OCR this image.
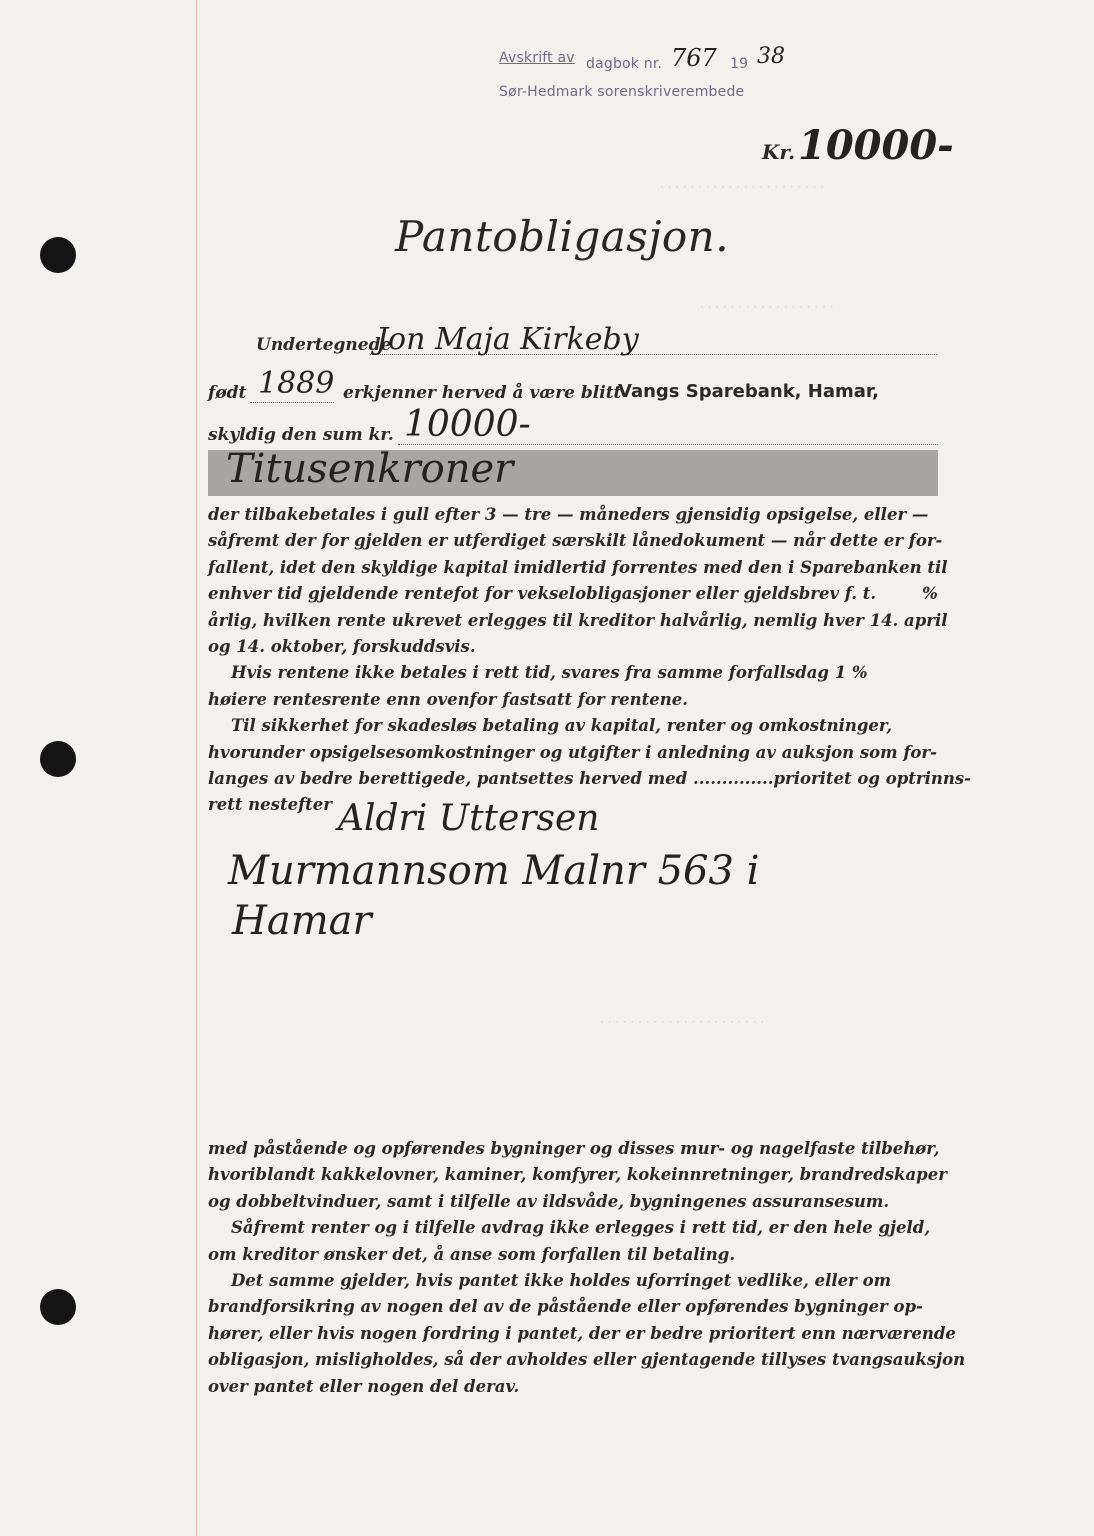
· · · · · · · · · · · · · · · · · · · · · ·
· · · · · · · · · · · · · · · · · ·
· · · · · · · · · · · · · · · · · · · · · ·
Avskrift av dagbok nr. 767 19 38
Sør-Hedmark sorenskriverembede
Kr. 10000-
Pantobligasjon.
Undertegnede
Jon Maja Kirkeby
født 1889 erkjenner herved å være blitt
Vangs Sparebank, Hamar,
skyldig den sum kr. 10000-
Titusenkroner
der tilbakebetales i gull efter 3 — tre — måneders gjensidig opsigelse, eller —
såfremt der for gjelden er utferdiget særskilt lånedokument — når dette er for-
fallent, idet den skyldige kapital imidlertid forrentes med den i Sparebanken til
enhver tid gjeldende rentefot for vekselobligasjoner eller gjeldsbrev f. t.        %
årlig, hvilken rente ukrevet erlegges til kreditor halvårlig, nemlig hver 14. april
og 14. oktober, forskuddsvis.
Hvis rentene ikke betales i rett tid, svares fra samme forfallsdag 1 %
høiere rentesrente enn ovenfor fastsatt for rentene.
Til sikkerhet for skadesløs betaling av kapital, renter og omkostninger,
hvorunder opsigelsesomkostninger og utgifter i anledning av auksjon som for-
langes av bedre berettigede, pantsettes herved med ..............prioritet og optrinns-
rett nestefter Aldri Uttersen
Murmannsom Malnr 563 i
Hamar
med påstående og opførendes bygninger og disses mur- og nagelfaste tilbehør,
hvoriblandt kakkelovner, kaminer, komfyrer, kokeinnretninger, brandredskaper
og dobbeltvinduer, samt i tilfelle av ildsvåde, bygningenes assuransesum.
Såfremt renter og i tilfelle avdrag ikke erlegges i rett tid, er den hele gjeld,
om kreditor ønsker det, å anse som forfallen til betaling.
Det samme gjelder, hvis pantet ikke holdes uforringet vedlike, eller om
brandforsikring av nogen del av de påstående eller opførendes bygninger op-
hører, eller hvis nogen fordring i pantet, der er bedre prioritert enn nærværende
obligasjon, misligholdes, så der avholdes eller gjentagende tillyses tvangsauksjon
over pantet eller nogen del derav.
